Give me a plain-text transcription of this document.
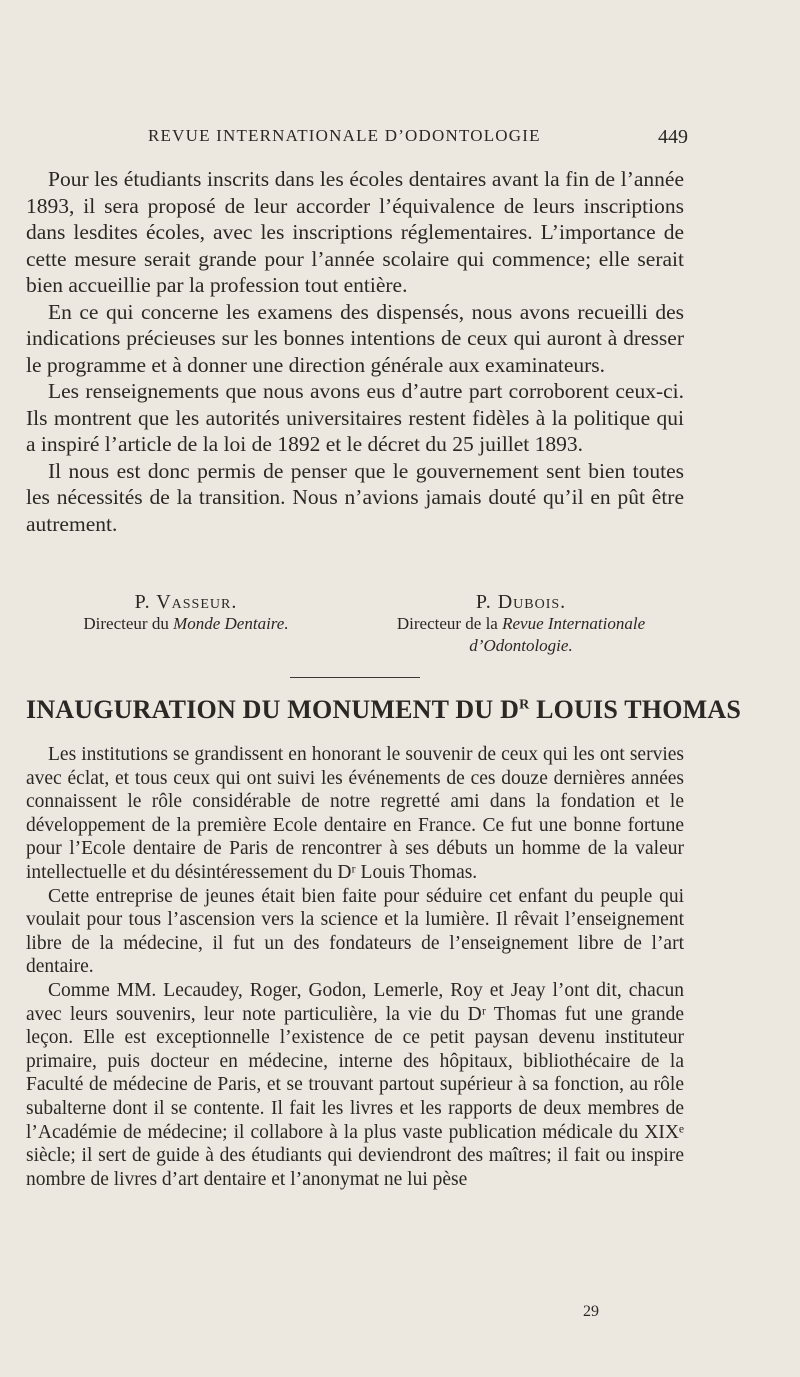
REVUE INTERNATIONALE D’ODONTOLOGIE	449

Pour les étudiants inscrits dans les écoles dentaires avant la fin de l’année 1893, il sera proposé de leur accorder l’équivalence de leurs inscriptions dans lesdites écoles, avec les inscriptions réglementaires. L’importance de cette mesure serait grande pour l’année scolaire qui commence; elle serait bien accueillie par la profession tout entière.

En ce qui concerne les examens des dispensés, nous avons recueilli des indications précieuses sur les bonnes intentions de ceux qui auront à dresser le programme et à donner une direction générale aux examinateurs.

Les renseignements que nous avons eus d’autre part corroborent ceux-ci. Ils montrent que les autorités universitaires restent fidèles à la politique qui a inspiré l’article de la loi de 1892 et le décret du 25 juillet 1893.

Il nous est donc permis de penser que le gouvernement sent bien toutes les nécessités de la transition. Nous n’avions jamais douté qu’il en pût être autrement.

P. Vasseur.
Directeur du Monde Dentaire.
P. Dubois.
Directeur de la Revue Internationale
d’Odontologie.
INAUGURATION DU MONUMENT DU $D^R$ LOUIS THOMAS

Les institutions se grandissent en honorant le souvenir de ceux qui les ont servies avec éclat, et tous ceux qui ont suivi les événements de ces douze dernières années connaissent le rôle considérable de notre regretté ami dans la fondation et le développement de la première Ecole dentaire en France. Ce fut une bonne fortune pour l’Ecole dentaire de Paris de rencontrer à ses débuts un homme de la valeur intellectuelle et du désintéressement du Dʳ Louis Thomas.

Cette entreprise de jeunes était bien faite pour séduire cet enfant du peuple qui voulait pour tous l’ascension vers la science et la lumière. Il rêvait l’enseignement libre de la médecine, il fut un des fondateurs de l’enseignement libre de l’art dentaire.

Comme MM. Lecaudey, Roger, Godon, Lemerle, Roy et Jeay l’ont dit, chacun avec leurs souvenirs, leur note particulière, la vie du Dʳ Thomas fut une grande leçon. Elle est exceptionnelle l’existence de ce petit paysan devenu instituteur primaire, puis docteur en médecine, interne des hôpitaux, bibliothécaire de la Faculté de médecine de Paris, et se trouvant partout supérieur à sa fonction, au rôle subalterne dont il se contente. Il fait les livres et les rapports de deux membres de l’Académie de médecine; il collabore à la plus vaste publication médicale du XIXᵉ siècle; il sert de guide à des étudiants qui deviendront des maîtres; il fait ou inspire nombre de livres d’art dentaire et l’anonymat ne lui pèse

29
